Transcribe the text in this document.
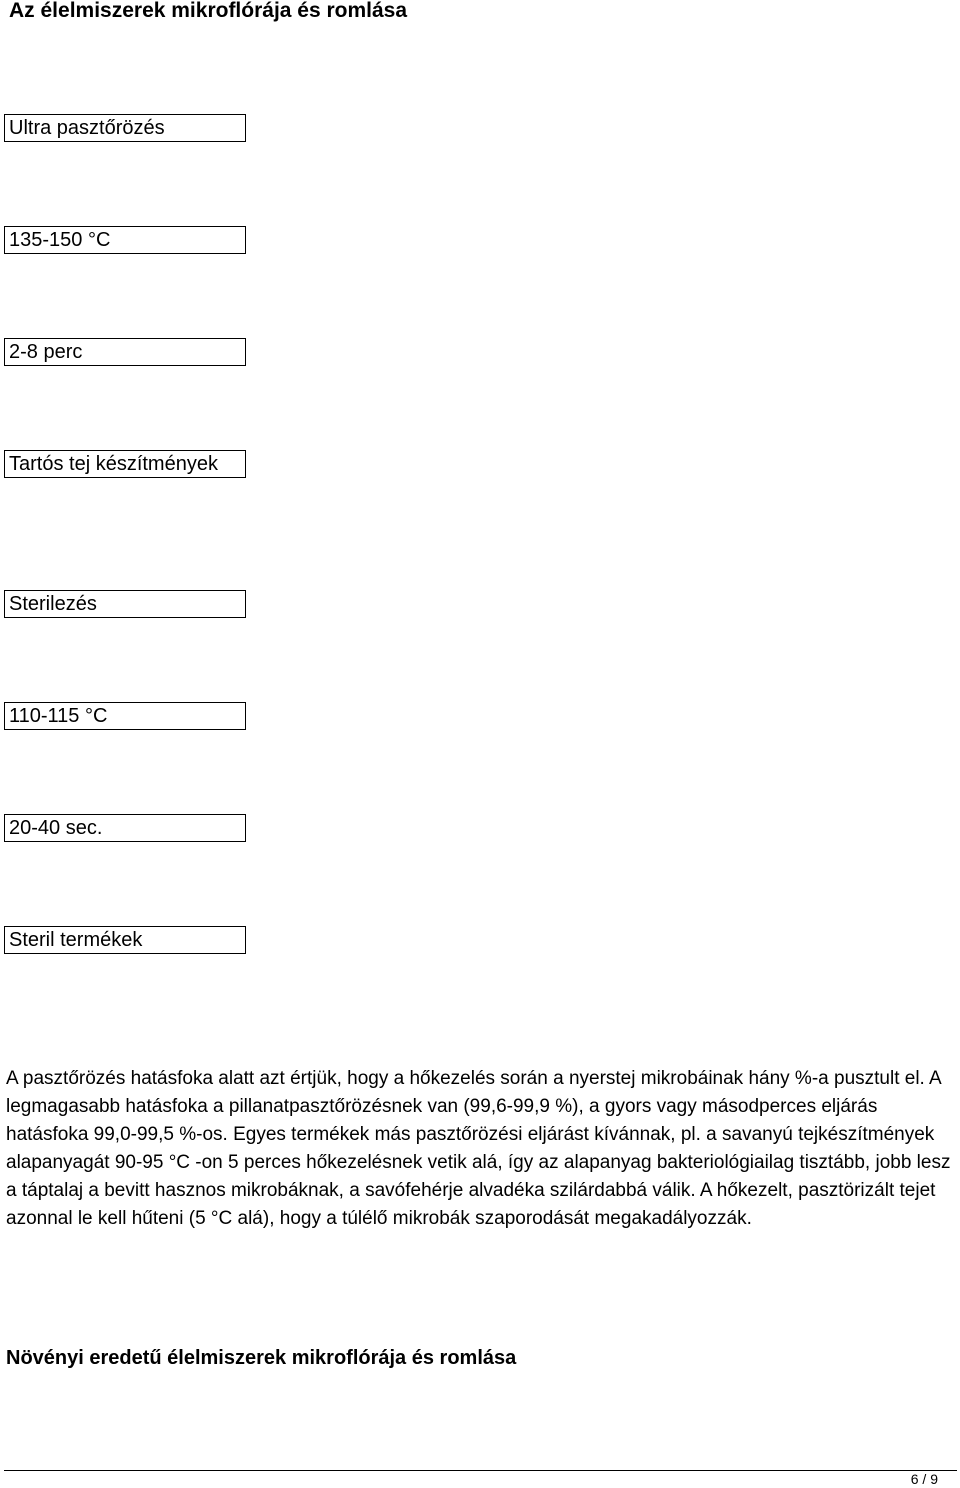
Az élelmiszerek mikroflórája és romlása
Ultra pasztőrözés
135-150 °C
2-8 perc
Tartós tej készítmények
Sterilezés
110-115 °C
20-40 sec.
Steril termékek

A pasztőrözés hatásfoka alatt azt értjük, hogy a hőkezelés során a nyerstej mikrobáinak hány %-a pusztult el. A legmagasabb hatásfoka a pillanatpasztőrözésnek van (99,6-99,9 %), a gyors vagy másodperces eljárás hatásfoka 99,0-99,5 %-os. Egyes termékek más pasztőrözési eljárást kívánnak, pl. a savanyú tejkészítmények alapanyagát 90-95 °C -on 5 perces hőkezelésnek vetik alá, így az alapanyag bakteriológiailag tisztább, jobb lesz a táptalaj a bevitt hasznos mikrobáknak, a savófehérje alvadéka szilárdabbá válik. A hőkezelt, pasztörizált tejet azonnal le kell hűteni (5 °C alá), hogy a túlélő mikrobák szaporodását megakadályozzák.

Növényi eredetű élelmiszerek mikroflórája és romlása
6 / 9
